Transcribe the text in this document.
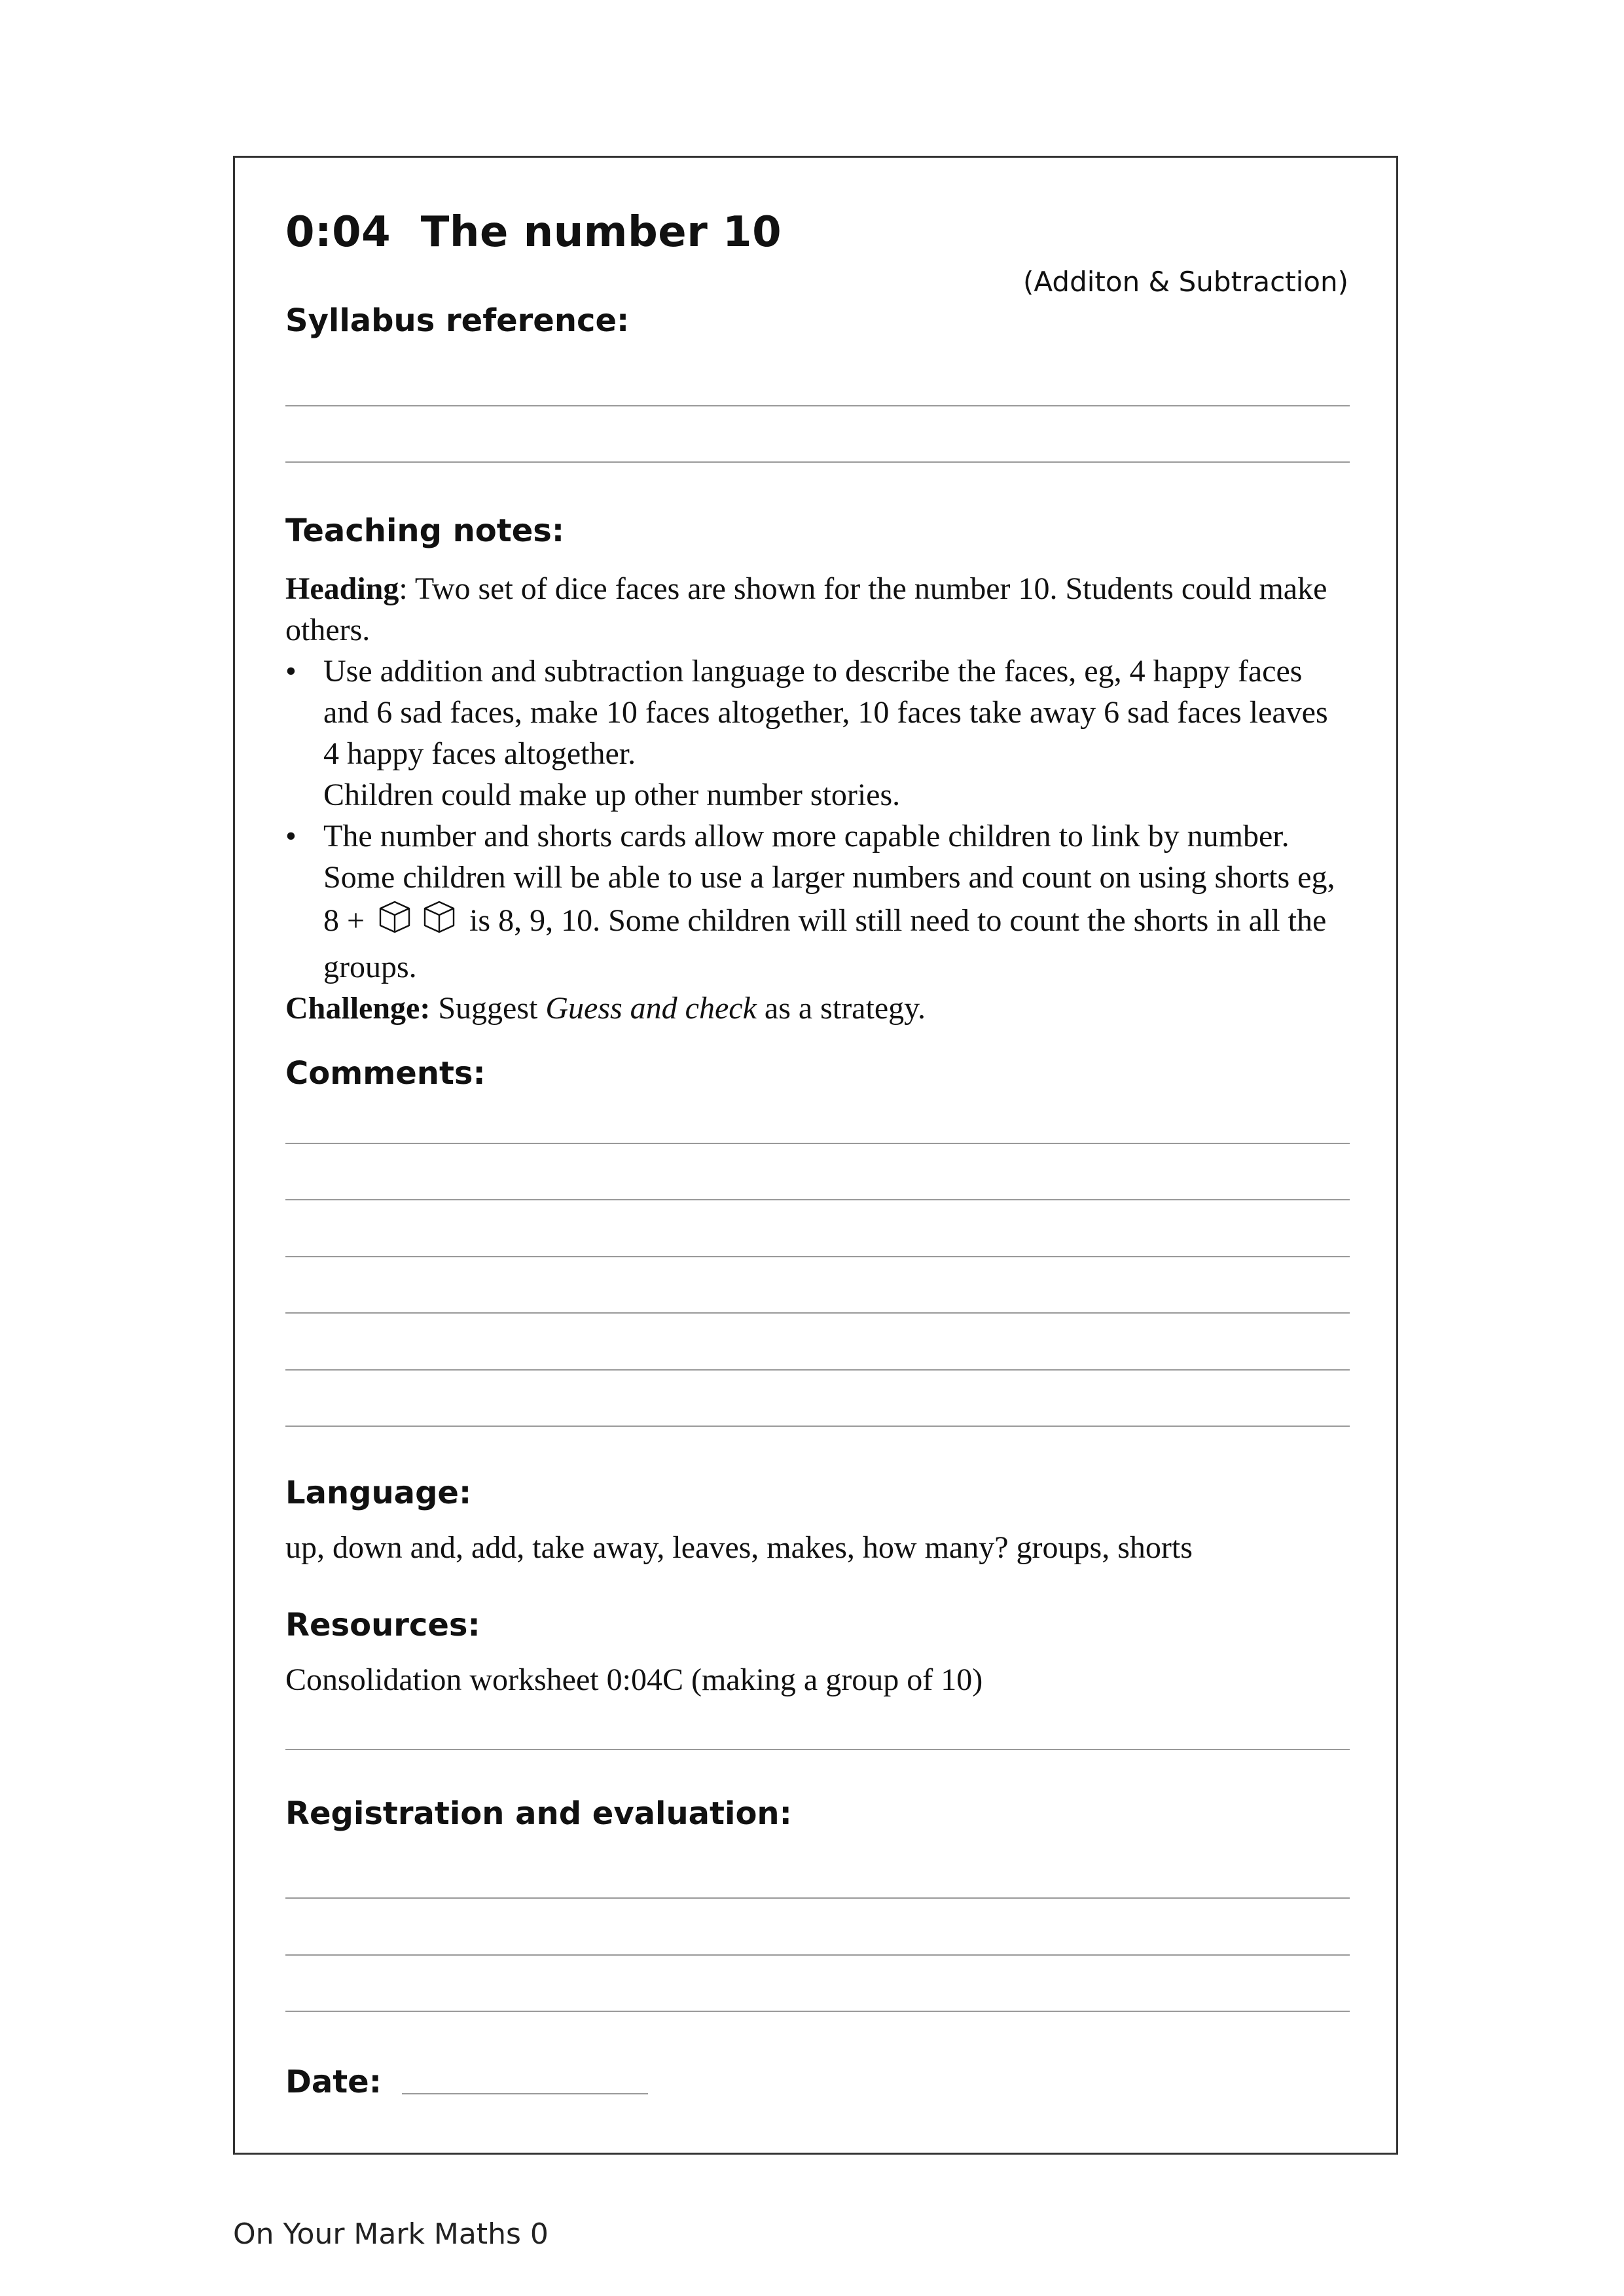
0:04  The number 10
(Additon & Subtraction)
Syllabus reference:
Teaching notes:

Heading: Two set of dice faces are shown for the number 10. Students could make others.

• Use addition and subtraction language to describe the faces, eg, 4 happy faces and 6 sad faces, make 10 faces altogether, 10 faces take away 6 sad faces leaves 4 happy faces altogether.
Children could make up other number stories.
• The number and shorts cards allow more capable children to link by number. Some children will be able to use a larger numbers and count on using shorts eg, 8 +	is 8, 9, 10. Some children will still need to count the shorts in all the groups.

Challenge: Suggest Guess and check as a strategy.

Comments:
Language:
up, down and, add, take away, leaves, makes, how many? groups, shorts
Resources:
Consolidation worksheet 0:04C (making a group of 10)
Registration and evaluation:
Date:
On Your Mark Maths 0
